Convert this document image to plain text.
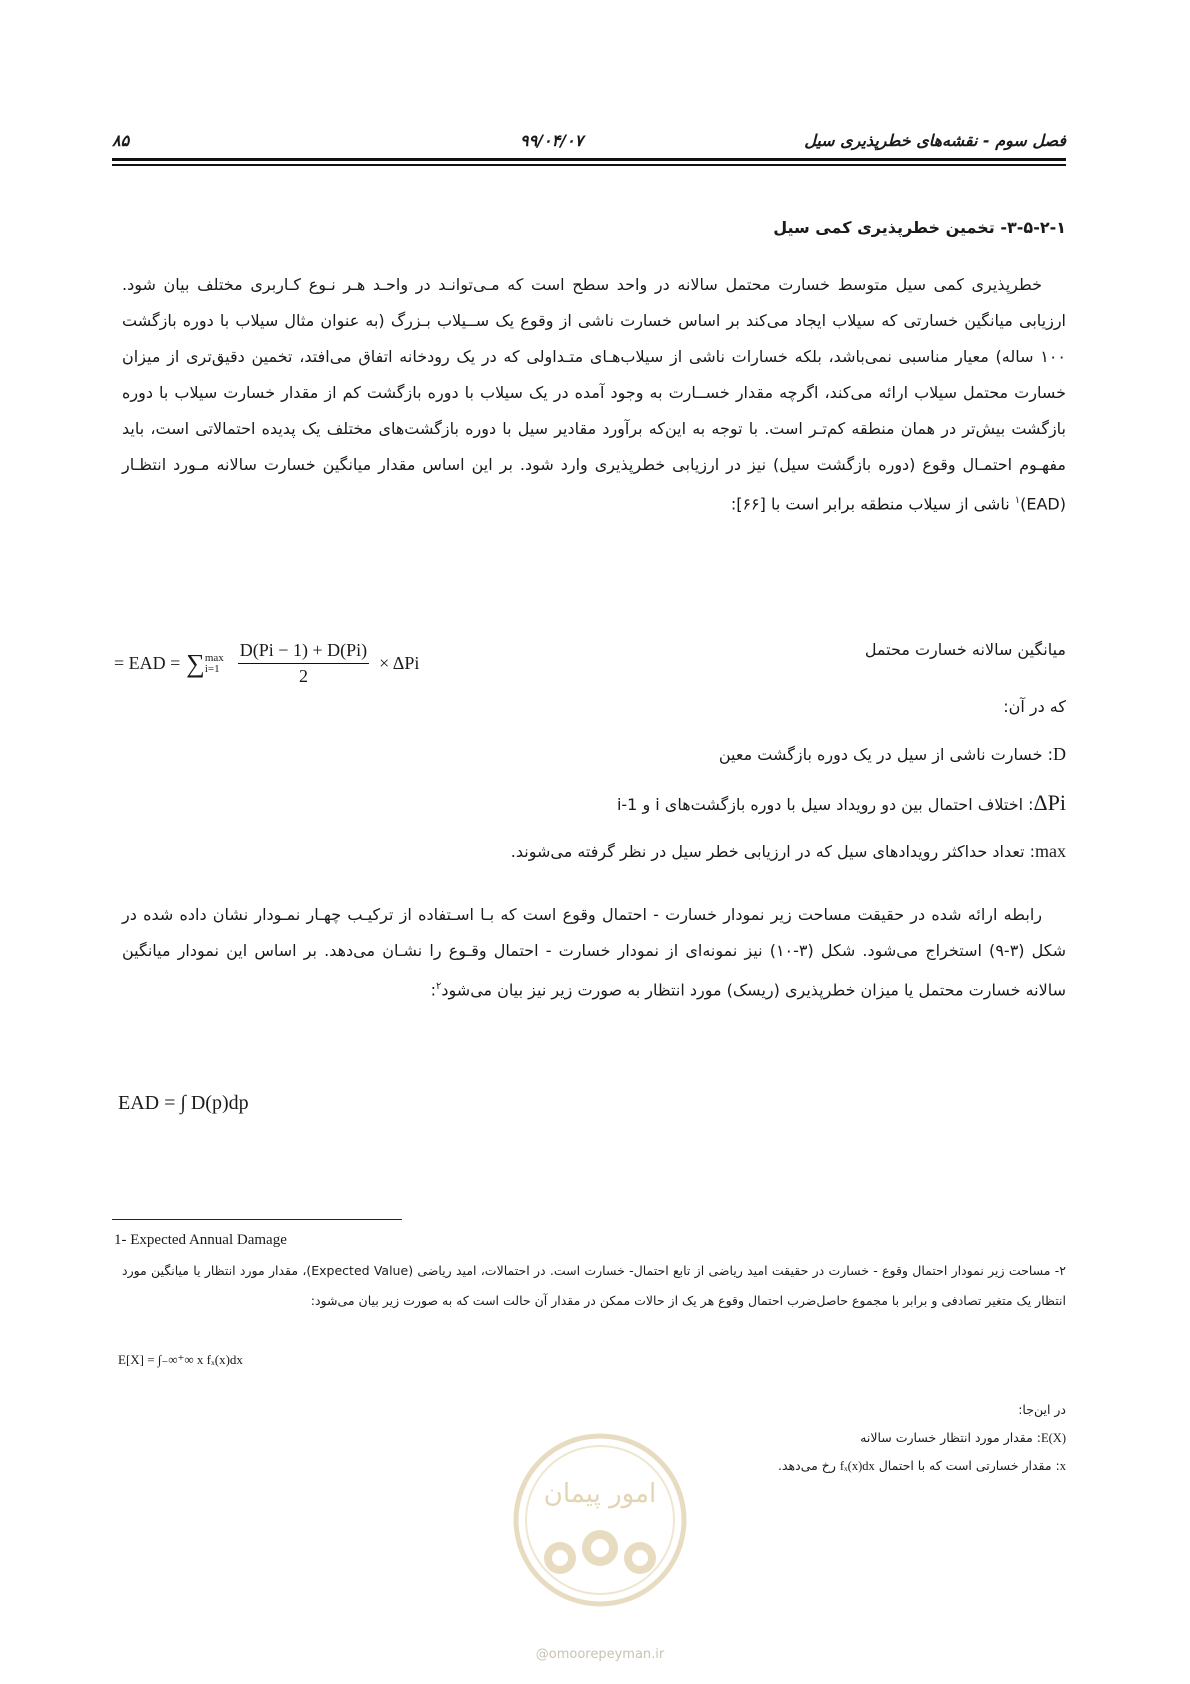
فصل سوم - نقشه‌های خطرپذیری سیل
۹۹/۰۴/۰۷
۸۵
۳-۵-۲-۱- تخمین خطرپذیری کمی سیل
خطرپذیری کمی سیل متوسط خسارت محتمل سالانه در واحد سطح است که مـی‌توانـد در واحـد هـر نـوع کـاربری مختلف بیان شود. ارزیابی میانگین خسارتی که سیلاب ایجاد می‌کند بر اساس خسارت ناشی از وقوع یک ســیلاب بـزرگ (به عنوان مثال سیلاب با دوره بازگشت ۱۰۰ ساله) معیار مناسبی نمی‌باشد، بلکه خسارات ناشی از سیلاب‌هـای متـداولی که در یک رودخانه اتفاق می‌افتد، تخمین دقیق‌تری از میزان خسارت محتمل سیلاب ارائه می‌کند، اگرچه مقدار خســارت به وجود آمده در یک سیلاب با دوره بازگشت کم از مقدار خسارت سیلاب با دوره بازگشت بیش‌تر در همان منطقه کم‌تـر است. با توجه به این‌که برآورد مقادیر سیل با دوره بازگشت‌های مختلف یک پدیده احتمالاتی است، باید مفهـوم احتمـال وقوع (دوره بازگشت سیل) نیز در ارزیابی خطرپذیری وارد شود. بر این اساس مقدار میانگین خسارت سالانه مـورد انتظـار (EAD)$^۱$ ناشی از سیلاب منطقه برابر است با [۶۶]:
= EAD = ∑ max
$i=1 \frac{D(Pi - 1) + D(Pi)}{2} \times \Delta Pi$
میانگین سالانه خسارت محتمل
که در آن:
D: خسارت ناشی از سیل در یک دوره بازگشت معین
ΔPi: اختلاف احتمال بین دو رویداد سیل با دوره بازگشت‌های i و i-1
max: تعداد حداکثر رویدادهای سیل که در ارزیابی خطر سیل در نظر گرفته می‌شوند.
رابطه ارائه شده در حقیقت مساحت زیر نمودار خسارت - احتمال وقوع است که بـا اسـتفاده از ترکیـب چهـار نمـودار نشان داده شده در شکل (۳-۹) استخراج می‌شود. شکل (۳-۱۰) نیز نمونه‌ای از نمودار خسارت - احتمال وقـوع را نشـان می‌دهد. بر اساس این نمودار میانگین سالانه خسارت محتمل یا میزان خطرپذیری (ریسک) مورد انتظار به صورت زیر نیز بیان می‌شود$^۲$:
EAD = ∫ D(p)dp
1- Expected Annual Damage
۲- مساحت زیر نمودار احتمال وقوع - خسارت در حقیقت امید ریاضی از تابع احتمال- خسارت است. در احتمالات، امید ریاضی (Expected Value)، مقدار مورد انتظار یا میانگین مورد انتظار یک متغیر تصادفی و برابر با مجموع حاصل‌ضرب احتمال وقوع هر یک از حالات ممکن در مقدار آن حالت است که به صورت زیر بیان می‌شود:
E[X] = ∫₋∞⁺∞ x fₓ(x)dx
در این‌جا:
E(X): مقدار مورد انتظار خسارت سالانه
x: مقدار خسارتی است که با احتمال fₓ(x)dx رخ می‌دهد.
امور پیمان
@omoorepeyman.ir
